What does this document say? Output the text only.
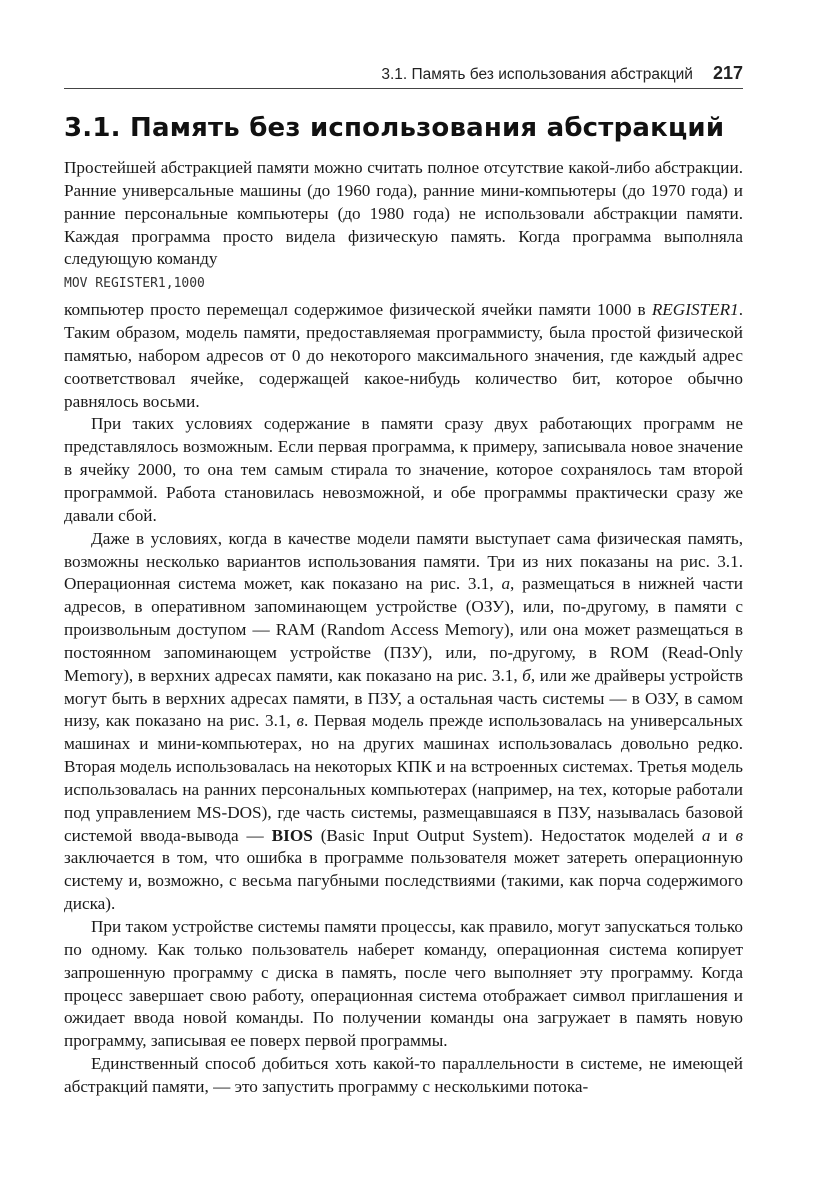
3.1. Память без использования абстракций 217
3.1. Память без использования абстракций

Простейшей абстракцией памяти можно считать полное отсутствие какой-либо абстракции. Ранние универсальные машины (до 1960 года), ранние мини-компьютеры (до 1970 года) и ранние персональные компьютеры (до 1980 года) не использовали абстракции памяти. Каждая программа просто видела физическую память. Когда программа выполняла следующую команду

MOV REGISTER1,1000

компьютер просто перемещал содержимое физической ячейки памяти 1000 в REGISTER1. Таким образом, модель памяти, предоставляемая программисту, была простой физической памятью, набором адресов от 0 до некоторого максимального значения, где каждый адрес соответствовал ячейке, содержащей какое-нибудь количество бит, которое обычно равнялось восьми.

При таких условиях содержание в памяти сразу двух работающих программ не представлялось возможным. Если первая программа, к примеру, записывала новое значение в ячейку 2000, то она тем самым стирала то значение, которое сохранялось там второй программой. Работа становилась невозможной, и обе программы практически сразу же давали сбой.

Даже в условиях, когда в качестве модели памяти выступает сама физическая память, возможны несколько вариантов использования памяти. Три из них показаны на рис. 3.1. Операционная система может, как показано на рис. 3.1, а, размещаться в нижней части адресов, в оперативном запоминающем устройстве (ОЗУ), или, по-другому, в памяти с произвольным доступом — RAM (Random Access Memory), или она может размещаться в постоянном запоминающем устройстве (ПЗУ), или, по-другому, в ROM (Read-Only Memory), в верхних адресах памяти, как показано на рис. 3.1, б, или же драйверы устройств могут быть в верхних адресах памяти, в ПЗУ, а остальная часть системы — в ОЗУ, в самом низу, как показано на рис. 3.1, в. Первая модель прежде использовалась на универсальных машинах и мини-компьютерах, но на других машинах использовалась довольно редко. Вторая модель использовалась на некоторых КПК и на встроенных системах. Третья модель использовалась на ранних персональных компьютерах (например, на тех, которые работали под управлением MS-DOS), где часть системы, размещавшаяся в ПЗУ, называлась базовой системой ввода-вывода — BIOS (Basic Input Output System). Недостаток моделей а и в заключается в том, что ошибка в программе пользователя может затереть операционную систему и, возможно, с весьма пагубными последствиями (такими, как порча содержимого диска).

При таком устройстве системы памяти процессы, как правило, могут запускаться только по одному. Как только пользователь наберет команду, операционная система копирует запрошенную программу с диска в память, после чего выполняет эту программу. Когда процесс завершает свою работу, операционная система отображает символ приглашения и ожидает ввода новой команды. По получении команды она загружает в память новую программу, записывая ее поверх первой программы.

Единственный способ добиться хоть какой-то параллельности в системе, не имеющей абстракций памяти, — это запустить программу с несколькими потока-
